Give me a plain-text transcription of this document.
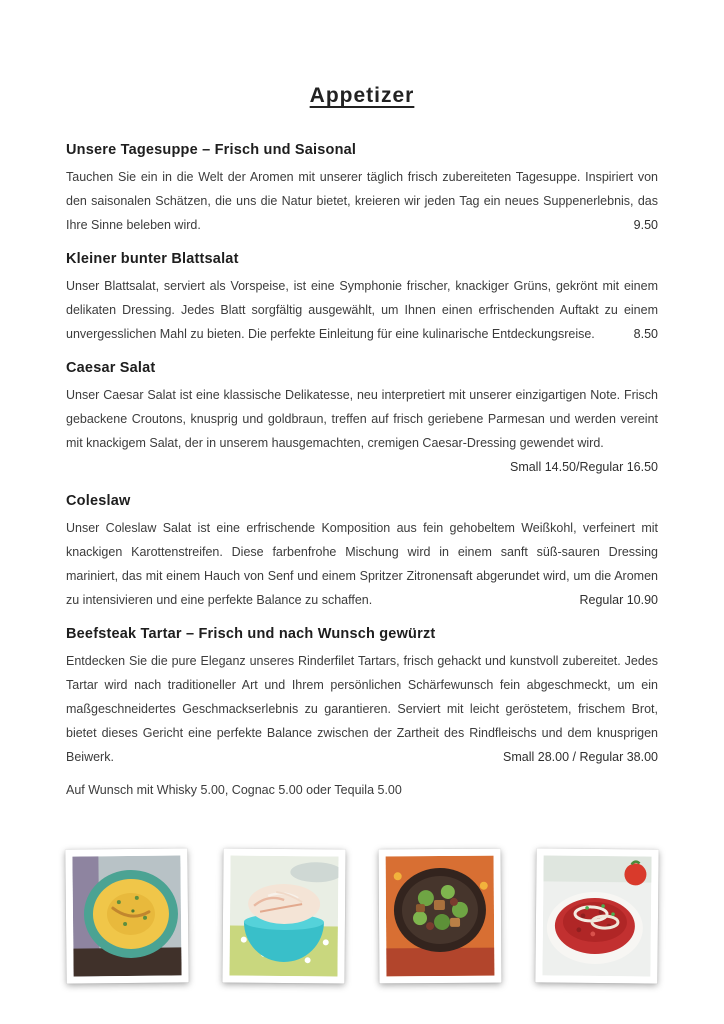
Appetizer
Unsere Tagesuppe – Frisch und Saisonal

Tauchen Sie ein in die Welt der Aromen mit unserer täglich frisch zubereiteten Tagesuppe. Inspiriert von den saisonalen Schätzen, die uns die Natur bietet, kreieren wir jeden Tag ein neues Suppenerlebnis, das Ihre Sinne beleben wird.	9.50

Kleiner bunter Blattsalat

Unser Blattsalat, serviert als Vorspeise, ist eine Symphonie frischer, knackiger Grüns, gekrönt mit einem delikaten Dressing. Jedes Blatt sorgfältig ausgewählt, um Ihnen einen erfrischenden Auftakt zu einem unvergesslichen Mahl zu bieten. Die perfekte Einleitung für eine kulinarische Entdeckungsreise.	8.50

Caesar Salat

Unser Caesar Salat ist eine klassische Delikatesse, neu interpretiert mit unserer einzigartigen Note. Frisch gebackene Croutons, knusprig und goldbraun, treffen auf frisch geriebene Parmesan und werden vereint mit knackigem Salat, der in unserem hausgemachten, cremigen Caesar-Dressing gewendet wird.
Small 14.50/Regular 16.50

Coleslaw

Unser Coleslaw Salat ist eine erfrischende Komposition aus fein gehobeltem Weißkohl, verfeinert mit knackigen Karottenstreifen. Diese farbenfrohe Mischung wird in einem sanft süß-sauren Dressing mariniert, das mit einem Hauch von Senf und einem Spritzer Zitronensaft abgerundet wird, um die Aromen zu intensivieren und eine perfekte Balance zu schaffen.	Regular 10.90

Beefsteak Tartar – Frisch und nach Wunsch gewürzt

Entdecken Sie die pure Eleganz unseres Rinderfilet Tartars, frisch gehackt und kunstvoll zubereitet. Jedes Tartar wird nach traditioneller Art und Ihrem persönlichen Schärfewunsch fein abgeschmeckt, um ein maßgeschneidertes Geschmackserlebnis zu garantieren. Serviert mit leicht geröstetem, frischem Brot, bietet dieses Gericht eine perfekte Balance zwischen der Zartheit des Rindfleischs und dem knusprigen Beiwerk.	Small 28.00 / Regular 38.00

Auf Wunsch mit Whisky 5.00, Cognac 5.00 oder Tequila 5.00
